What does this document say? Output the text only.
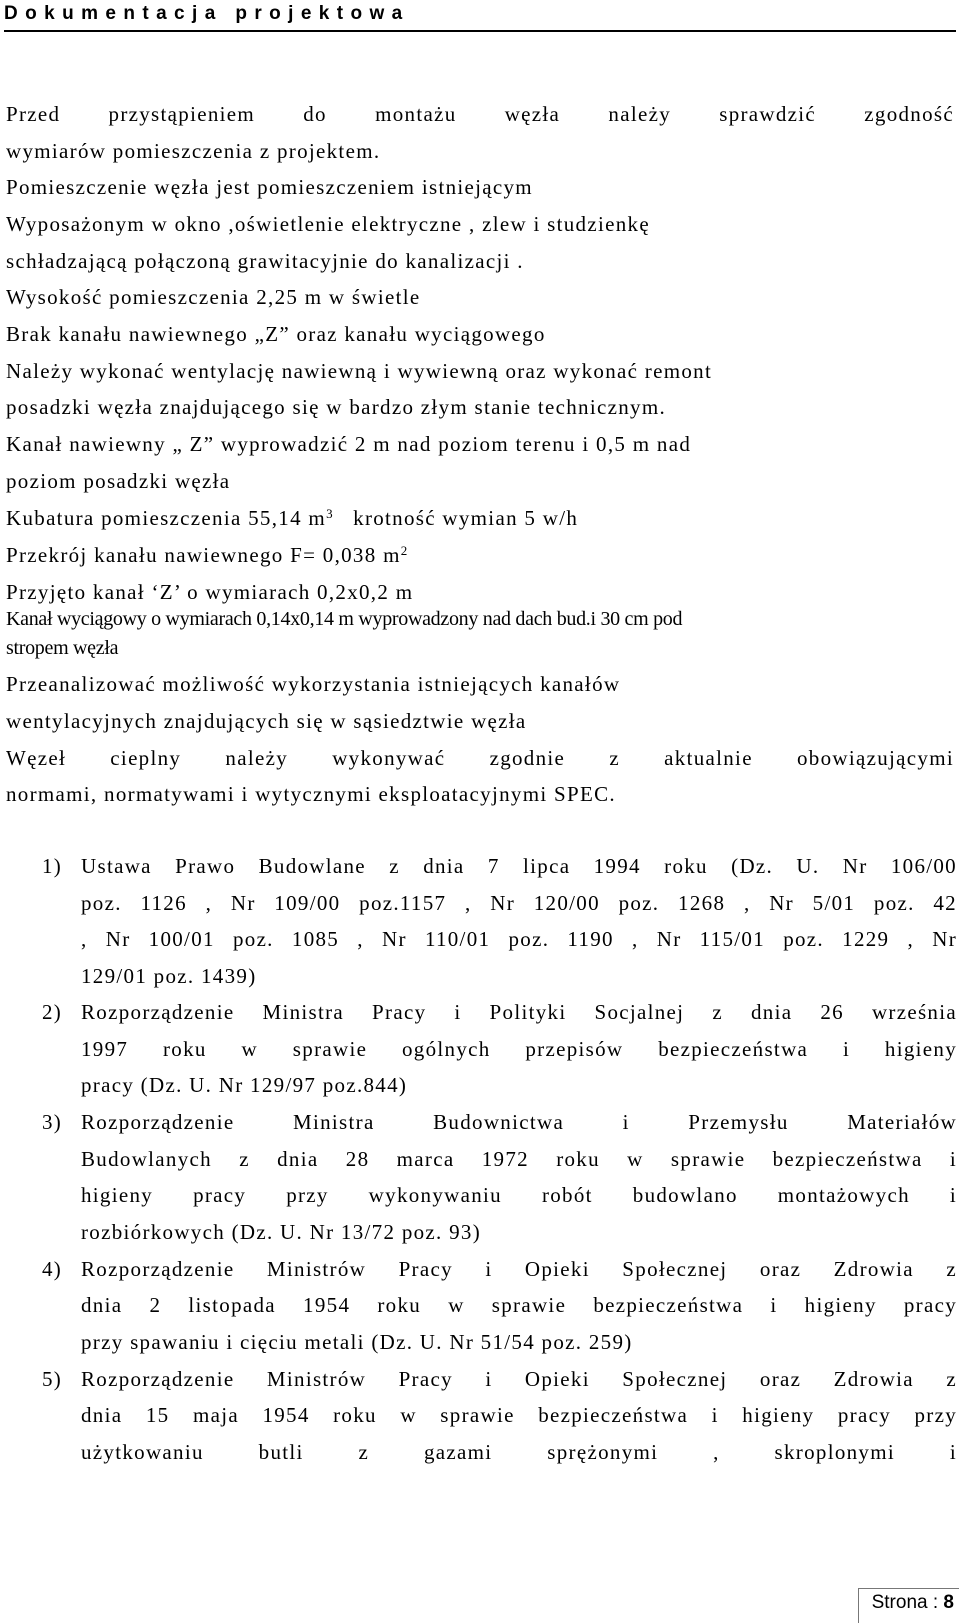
Dokumentacja projektowa
Przed przystąpieniem do montażu węzła należy sprawdzić zgodność
wymiarów pomieszczenia z projektem.
Pomieszczenie węzła jest pomieszczeniem istniejącym
Wyposażonym w okno ,oświetlenie elektryczne , zlew i studzienkę
schładzającą połączoną grawitacyjnie do kanalizacji .
Wysokość pomieszczenia 2,25 m w świetle
Brak kanału nawiewnego „Z” oraz kanału wyciągowego
Należy wykonać wentylację nawiewną i wywiewną oraz wykonać remont
posadzki węzła znajdującego się w bardzo złym stanie technicznym.
Kanał nawiewny „ Z” wyprowadzić 2 m nad poziom terenu i 0,5 m nad
poziom posadzki węzła
Kubatura pomieszczenia 55,14 $m^3$ krotność wymian 5 w/h
Przekrój kanału nawiewnego F= 0,038 $m^2$
Przyjęto kanał ‘Z’ o wymiarach 0,2x0,2 m
Kanał wyciągowy o wymiarach 0,14x0,14 m wyprowadzony nad dach bud.i 30 cm pod
stropem węzła
Przeanalizować możliwość wykorzystania istniejących kanałów
wentylacyjnych znajdujących się w sąsiedztwie węzła
Węzeł cieplny należy wykonywać zgodnie z aktualnie obowiązującymi
normami, normatywami i wytycznymi eksploatacyjnymi SPEC.
1) Ustawa Prawo Budowlane z dnia 7 lipca 1994 roku (Dz. U. Nr 106/00
poz. 1126 , Nr 109/00 poz.1157 , Nr 120/00 poz. 1268 , Nr 5/01 poz. 42
, Nr 100/01 poz. 1085 , Nr 110/01 poz. 1190 , Nr 115/01 poz. 1229 , Nr
129/01 poz. 1439)
2) Rozporządzenie Ministra Pracy i Polityki Socjalnej z dnia 26 września
1997 roku w sprawie ogólnych przepisów bezpieczeństwa i higieny
pracy (Dz. U. Nr 129/97 poz.844)
3) Rozporządzenie Ministra Budownictwa i Przemysłu Materiałów
Budowlanych z dnia 28 marca 1972 roku w sprawie bezpieczeństwa i
higieny pracy przy wykonywaniu robót budowlano montażowych i
rozbiórkowych (Dz. U. Nr 13/72 poz. 93)
4) Rozporządzenie Ministrów Pracy i Opieki Społecznej oraz Zdrowia z
dnia 2 listopada 1954 roku w sprawie bezpieczeństwa i higieny pracy
przy spawaniu i cięciu metali (Dz. U. Nr 51/54 poz. 259)
5) Rozporządzenie Ministrów Pracy i Opieki Społecznej oraz Zdrowia z
dnia 15 maja 1954 roku w sprawie bezpieczeństwa i higieny pracy przy
użytkowaniu butli z gazami sprężonymi , skroplonymi i
Strona : 8
